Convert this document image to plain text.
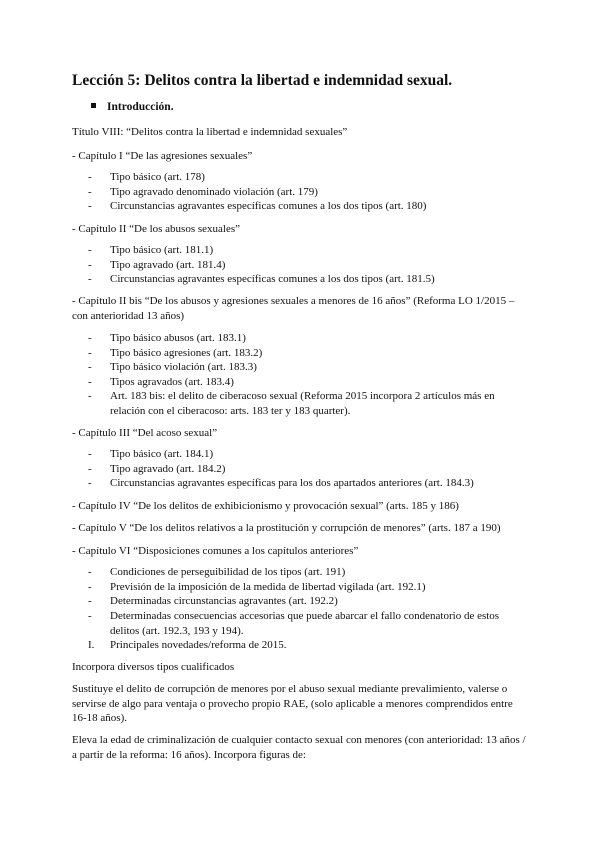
Lección 5: Delitos contra la libertad e indemnidad sexual.
Introducción.

Título VIII: “Delitos contra la libertad e indemnidad sexuales”

- Capítulo I “De las agresiones sexuales”

- Tipo básico (art. 178)
- Tipo agravado denominado violación (art. 179)
- Circunstancias agravantes específicas comunes a los dos tipos (art. 180)

- Capítulo II “De los abusos sexuales”

- Tipo básico (art. 181.1)
- Tipo agravado (art. 181.4)
- Circunstancias agravantes específicas comunes a los dos tipos (art. 181.5)

- Capítulo II bis “De los abusos y agresiones sexuales a menores de 16 años” (Reforma LO 1/2015 –con anterioridad 13 años)

- Tipo básico abusos (art. 183.1)
- Tipo básico agresiones (art. 183.2)
- Tipo básico violación (art. 183.3)
- Tipos agravados (art. 183.4)
- Art. 183 bis: el delito de ciberacoso sexual (Reforma 2015 incorpora 2 artículos más en relación con el ciberacoso: arts. 183 ter y 183 quarter).

- Capítulo III “Del acoso sexual”

- Tipo básico (art. 184.1)
- Tipo agravado (art. 184.2)
- Circunstancias agravantes específicas para los dos apartados anteriores (art. 184.3)

- Capítulo IV “De los delitos de exhibicionismo y provocación sexual” (arts. 185 y 186)

- Capítulo V “De los delitos relativos a la prostitución y corrupción de menores” (arts. 187 a 190)

- Capítulo VI “Disposiciones comunes a los capítulos anteriores”

- Condiciones de perseguibilidad de los tipos (art. 191)
- Previsión de la imposición de la medida de libertad vigilada (art. 192.1)
- Determinadas circunstancias agravantes (art. 192.2)
- Determinadas consecuencias accesorias que puede abarcar el fallo condenatorio de estos delitos (art. 192.3, 193 y 194).
I. Principales novedades/reforma de 2015.

Incorpora diversos tipos cualificados

Sustituye el delito de corrupción de menores por el abuso sexual mediante prevalimiento, valerse o servirse de algo para ventaja o provecho propio RAE, (solo aplicable a menores comprendidos entre 16-18 años).

Eleva la edad de criminalización de cualquier contacto sexual con menores (con anterioridad: 13 años / a partir de la reforma: 16 años). Incorpora figuras de:
